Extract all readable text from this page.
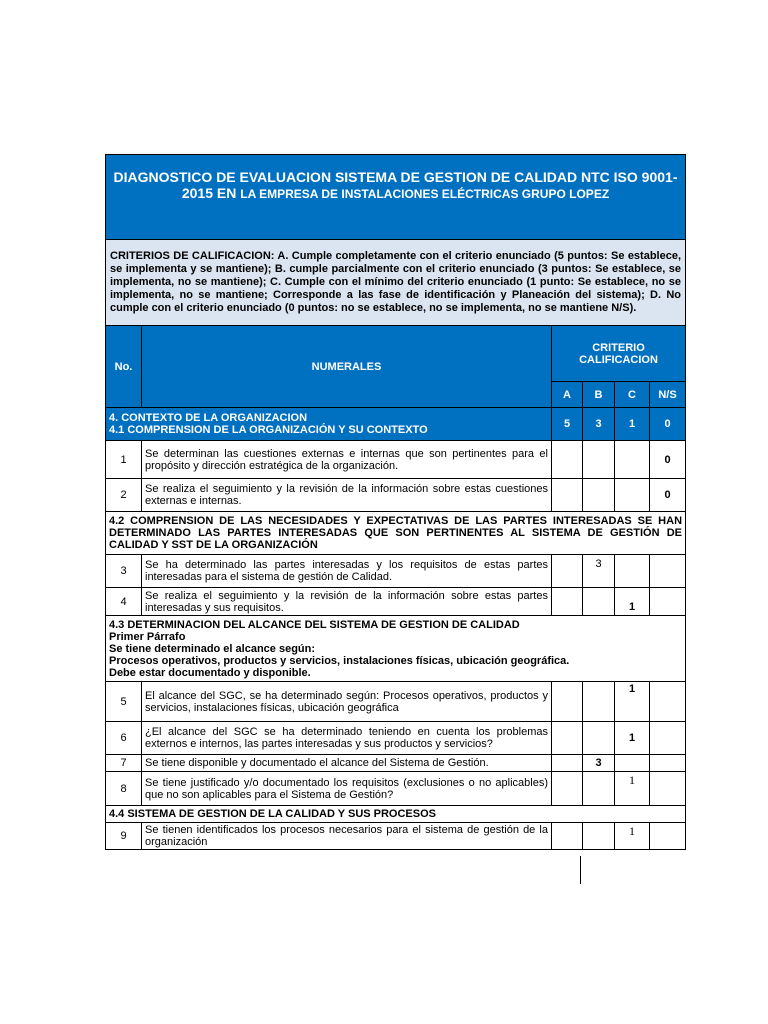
DIAGNOSTICO DE EVALUACION SISTEMA DE GESTION DE CALIDAD NTC ISO 9001-
2015 EN LA EMPRESA DE INSTALACIONES ELÉCTRICAS GRUPO LOPEZ					
CRITERIOS DE CALIFICACION: A. Cumple completamente con el criterio enunciado (5 puntos: Se establece, se implementa y se mantiene); B. cumple parcialmente con el criterio enunciado (3 puntos: Se establece, se implementa, no se mantiene); C. Cumple con el mínimo del criterio enunciado (1 punto: Se establece, no se implementa, no se mantiene; Corresponde a las fase de identificación y Planeación del sistema); D. No cumple con el criterio enunciado (0 puntos: no se establece, no se implementa, no se mantiene N/S).					
No.	NUMERALES	CRITERIO CALIFICACION			
		A	B	C	N/S
4. CONTEXTO DE LA ORGANIZACION
4.1 COMPRENSION DE LA ORGANIZACIÓN Y SU CONTEXTO		5	3	1	0
1	Se determinan las cuestiones externas e internas que son pertinentes para el propósito y dirección estratégica de la organización.				0
2	Se realiza el seguimiento y la revisión de la información sobre estas cuestiones externas e internas.				0
4.2 COMPRENSION DE LAS NECESIDADES Y EXPECTATIVAS DE LAS PARTES INTERESADAS SE HAN DETERMINADO LAS PARTES INTERESADAS QUE SON PERTINENTES AL SISTEMA DE GESTIÓN DE CALIDAD Y SST DE LA ORGANIZACIÓN					
3	Se ha determinado las partes interesadas y los requisitos de estas partes interesadas para el sistema de gestión de Calidad.		3		
4	Se realiza el seguimiento y la revisión de la información sobre estas partes interesadas y sus requisitos.			1	
4.3 DETERMINACION DEL ALCANCE DEL SISTEMA DE GESTION DE CALIDAD
Primer Párrafo
Se tiene determinado el alcance según:
Procesos operativos, productos y servicios, instalaciones físicas, ubicación geográfica.
Debe estar documentado y disponible.					
5	El alcance del SGC, se ha determinado según: Procesos operativos, productos y servicios, instalaciones físicas, ubicación geográfica			1	
6	¿El alcance del SGC se ha determinado teniendo en cuenta los problemas externos e internos, las partes interesadas y sus productos y servicios?			1	
7	Se tiene disponible y documentado el alcance del Sistema de Gestión.		3		
8	Se tiene justificado y/o documentado los requisitos (exclusiones o no aplicables) que no son aplicables para el Sistema de Gestión?			1	
4.4 SISTEMA DE GESTION DE LA CALIDAD Y SUS PROCESOS					
9	Se tienen identificados los procesos necesarios para el sistema de gestión de la organización			1	
